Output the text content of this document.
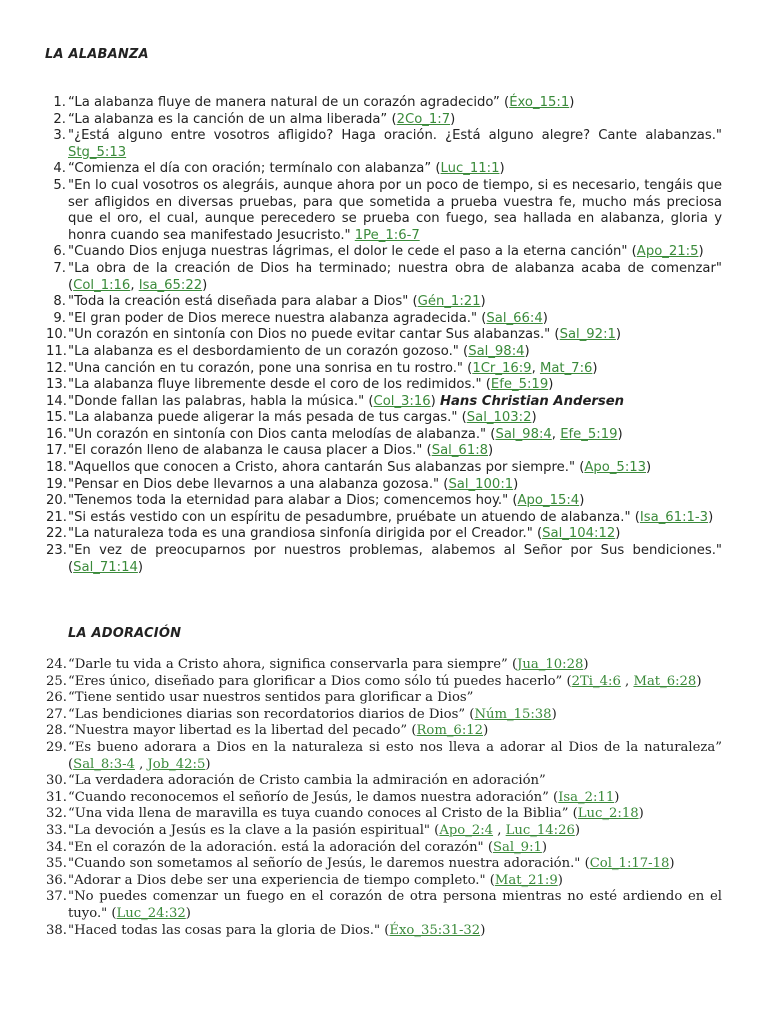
LA ALABANZA
1. “La alabanza fluye de manera natural de un corazón agradecido” (Éxo_15:1)
2. “La alabanza es la canción de un alma liberada” (2Co_1:7)
3. "¿Está alguno entre vosotros afligido? Haga oración. ¿Está alguno alegre? Cante alabanzas." Stg_5:13
4. “Comienza el día con oración; termínalo con alabanza” (Luc_11:1)
5. "En lo cual vosotros os alegráis, aunque ahora por un poco de tiempo, si es necesario, tengáis que ser afligidos en diversas pruebas, para que sometida a prueba vuestra fe, mucho más preciosa que el oro, el cual, aunque perecedero se prueba con fuego, sea hallada en alabanza, gloria y honra cuando sea manifestado Jesucristo." 1Pe_1:6-7
6. "Cuando Dios enjuga nuestras lágrimas, el dolor le cede el paso a la eterna canción" (Apo_21:5)
7. "La obra de la creación de Dios ha terminado; nuestra obra de alabanza acaba de comenzar" (Col_1:16, Isa_65:22)
8. "Toda la creación está diseñada para alabar a Dios" (Gén_1:21)
9. "El gran poder de Dios merece nuestra alabanza agradecida." (Sal_66:4)
10. "Un corazón en sintonía con Dios no puede evitar cantar Sus alabanzas." (Sal_92:1)
11. "La alabanza es el desbordamiento de un corazón gozoso." (Sal_98:4)
12. "Una canción en tu corazón, pone una sonrisa en tu rostro." (1Cr_16:9, Mat_7:6)
13. "La alabanza fluye libremente desde el coro de los redimidos." (Efe_5:19)
14. "Donde fallan las palabras, habla la música." (Col_3:16) Hans Christian Andersen
15. "La alabanza puede aligerar la más pesada de tus cargas." (Sal_103:2)
16. "Un corazón en sintonía con Dios canta melodías de alabanza." (Sal_98:4, Efe_5:19)
17. "El corazón lleno de alabanza le causa placer a Dios." (Sal_61:8)
18. "Aquellos que conocen a Cristo, ahora cantarán Sus alabanzas por siempre." (Apo_5:13)
19. "Pensar en Dios debe llevarnos a una alabanza gozosa." (Sal_100:1)
20. "Tenemos toda la eternidad para alabar a Dios; comencemos hoy." (Apo_15:4)
21. "Si estás vestido con un espíritu de pesadumbre, pruébate un atuendo de alabanza." (Isa_61:1-3)
22. "La naturaleza toda es una grandiosa sinfonía dirigida por el Creador." (Sal_104:12)
23. "En vez de preocuparnos por nuestros problemas, alabemos al Señor por Sus bendiciones." (Sal_71:14)
LA ADORACIÓN
24. “Darle tu vida a Cristo ahora, significa conservarla para siempre” (Jua_10:28)
25. “Eres único, diseñado para glorificar a Dios como sólo tú puedes hacerlo” (2Ti_4:6 , Mat_6:28)
26. “Tiene sentido usar nuestros sentidos para glorificar a Dios”
27. “Las bendiciones diarias son recordatorios diarios de Dios” (Núm_15:38)
28. “Nuestra mayor libertad es la libertad del pecado” (Rom_6:12)
29. “Es bueno adorara a Dios en la naturaleza si esto nos lleva a adorar al Dios de la naturaleza” (Sal_8:3-4 , Job_42:5)
30. “La verdadera adoración de Cristo cambia la admiración en adoración”
31. “Cuando reconocemos el señorío de Jesús, le damos nuestra adoración” (Isa_2:11)
32. “Una vida llena de maravilla es tuya cuando conoces al Cristo de la Biblia” (Luc_2:18)
33. "La devoción a Jesús es la clave a la pasión espiritual" (Apo_2:4 , Luc_14:26)
34. "En el corazón de la adoración. está la adoración del corazón" (Sal_9:1)
35. "Cuando son sometamos al señorío de Jesús, le daremos nuestra adoración." (Col_1:17-18)
36. "Adorar a Dios debe ser una experiencia de tiempo completo." (Mat_21:9)
37. "No puedes comenzar un fuego en el corazón de otra persona mientras no esté ardiendo en el tuyo." (Luc_24:32)
38. "Haced todas las cosas para la gloria de Dios." (Éxo_35:31-32)
